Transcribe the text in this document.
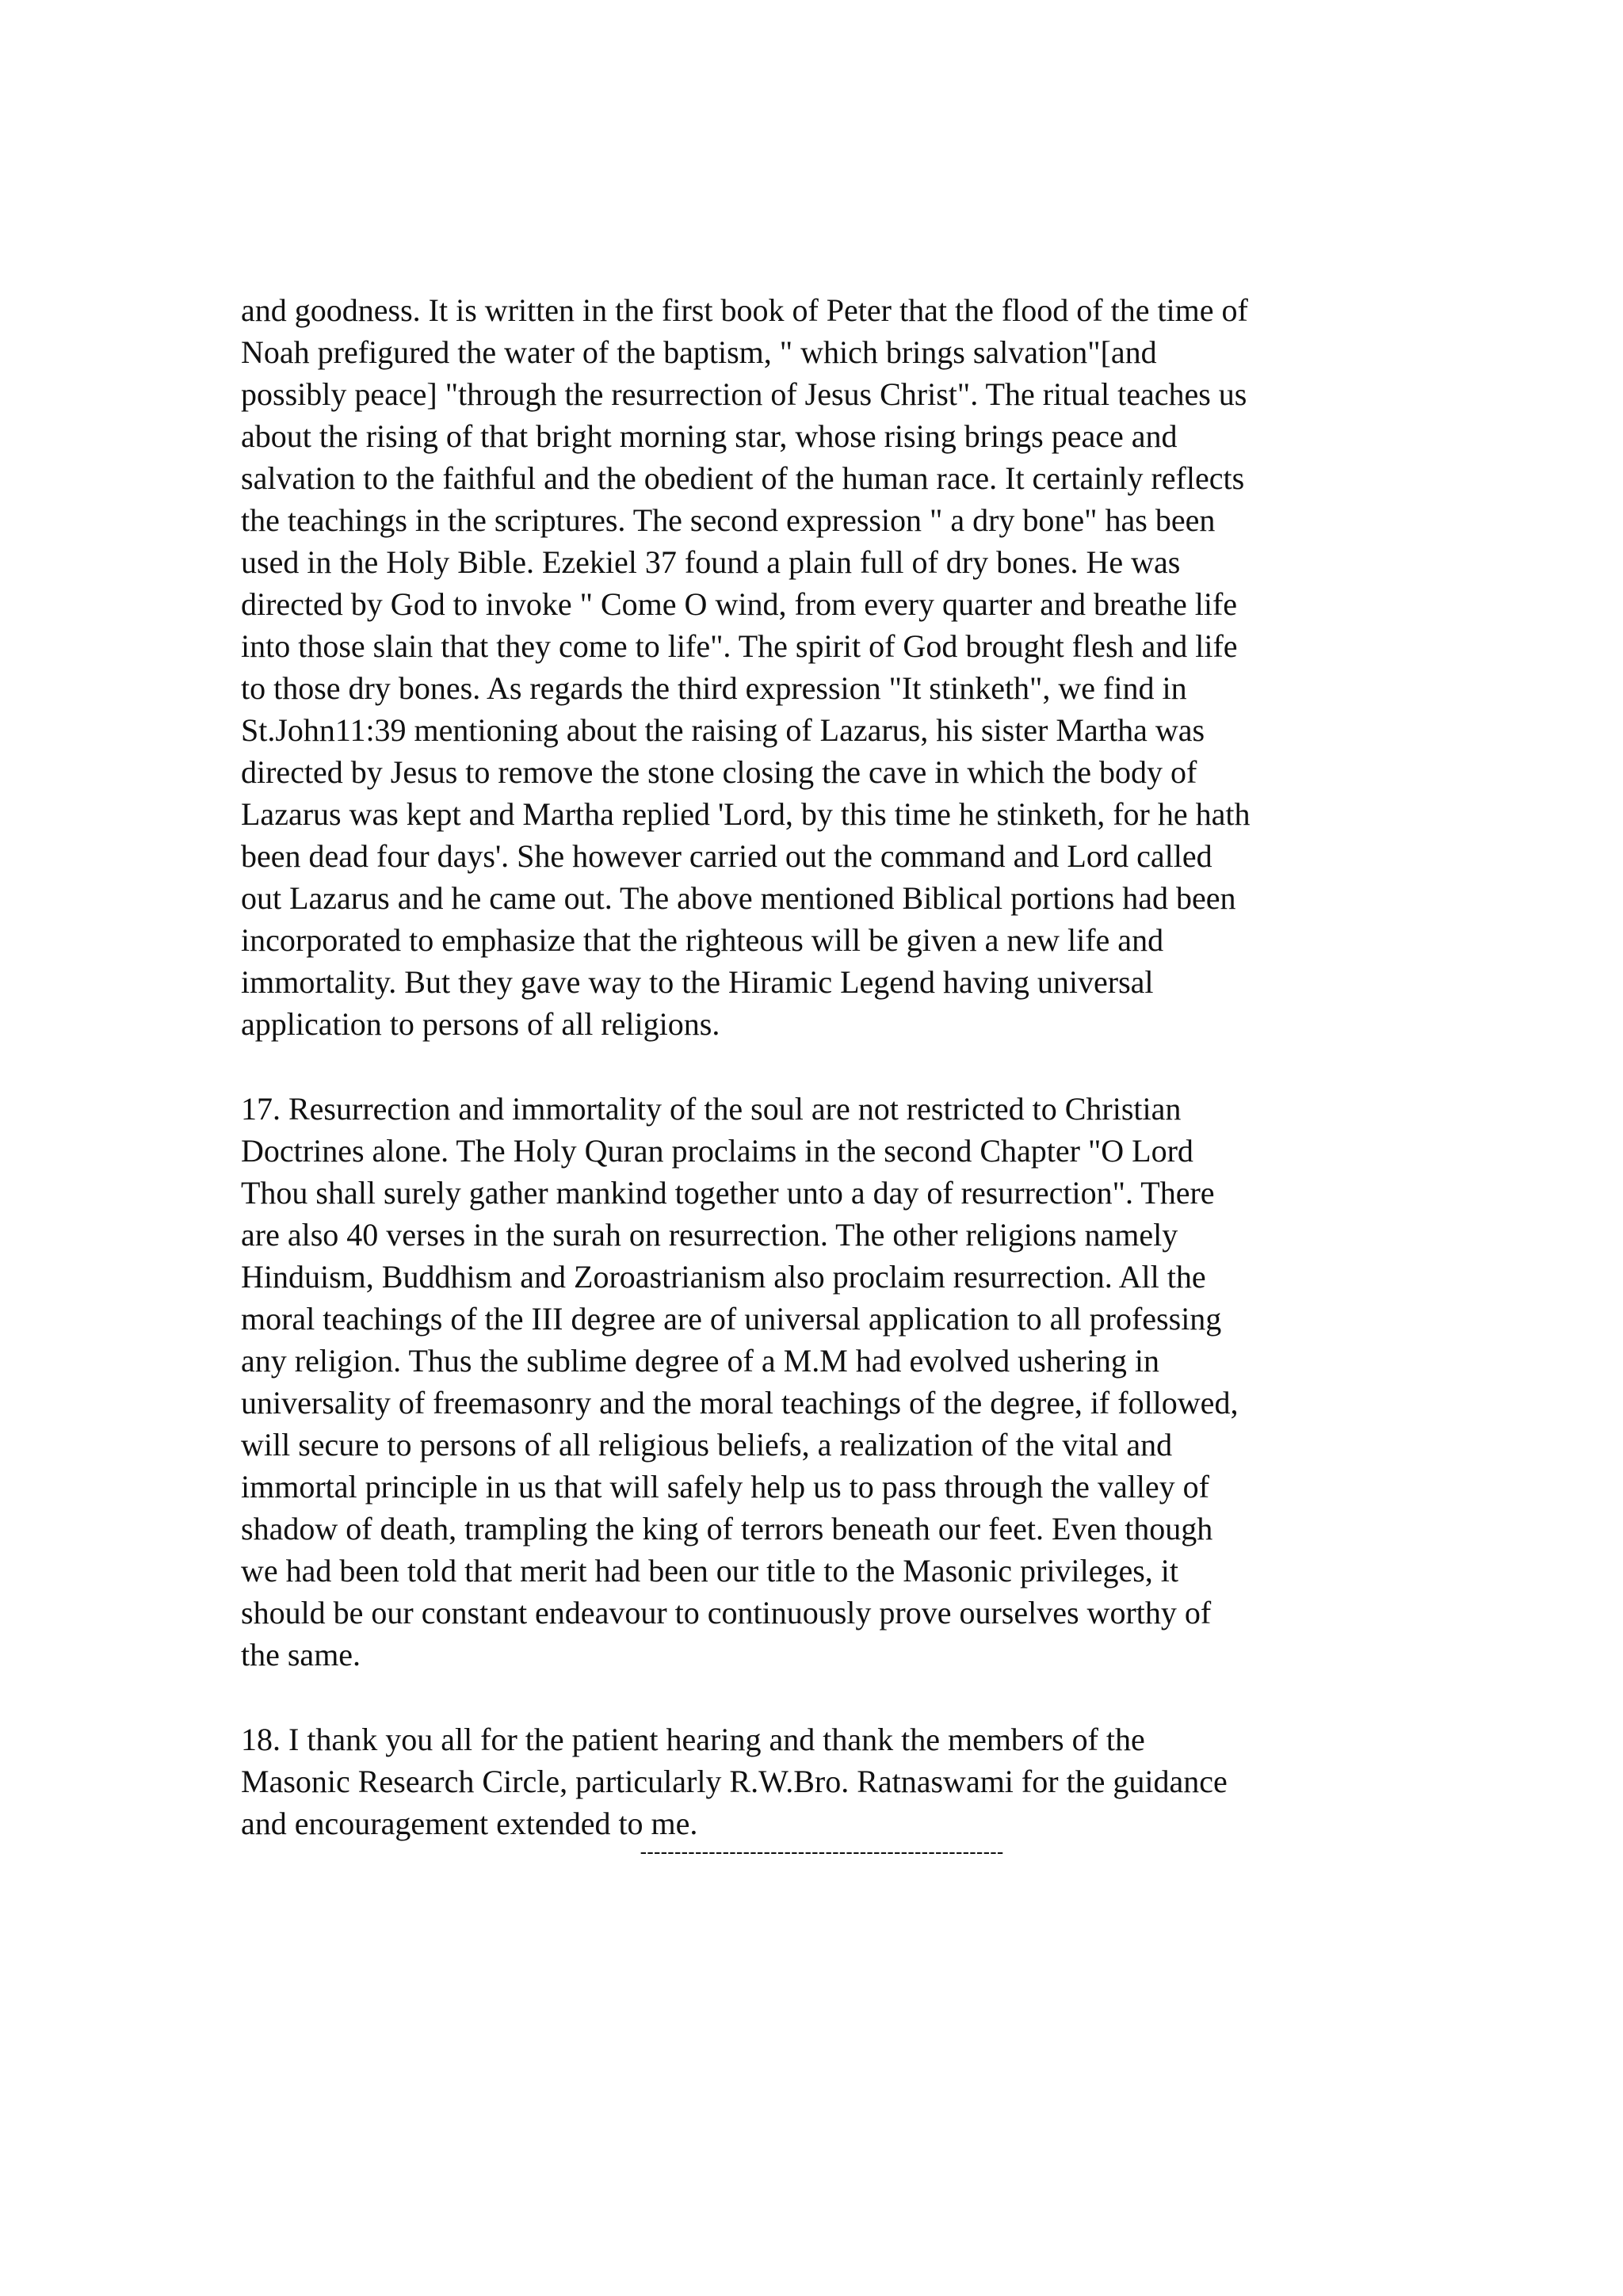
and goodness. It is written in the first book of Peter that the flood of the time of
Noah prefigured the water of the baptism, " which brings salvation"[and
possibly peace] "through the resurrection of Jesus Christ". The ritual teaches us
about the rising of that bright morning star, whose rising brings peace and
salvation to the faithful and the obedient of the human race. It certainly reflects
the teachings in the scriptures. The second expression " a dry bone" has been
used in the Holy Bible. Ezekiel 37 found a plain full of dry bones. He was
directed by God to invoke " Come O wind, from every quarter and breathe life
into those slain that they come to life". The spirit of God brought flesh and life
to those dry bones. As regards the third expression "It stinketh", we find in
St.John11:39 mentioning about the raising of Lazarus, his sister Martha was
directed by Jesus to remove the stone closing the cave in which the body of
Lazarus was kept and Martha replied 'Lord, by this time he stinketh, for he hath
been dead four days'. She however carried out the command and Lord called
out Lazarus and he came out. The above mentioned Biblical portions had been
incorporated to emphasize that the righteous will be given a new life and
immortality. But they gave way to the Hiramic Legend having universal
application to persons of all religions.

17. Resurrection and immortality of the soul are not restricted to Christian
Doctrines alone. The Holy Quran proclaims in the second Chapter "O Lord
Thou shall surely gather mankind together unto a day of resurrection". There
are also 40 verses in the surah on resurrection. The other religions namely
Hinduism, Buddhism and Zoroastrianism also proclaim resurrection. All the
moral teachings of the III degree are of universal application to all professing
any religion. Thus the sublime degree of a M.M had evolved ushering in
universality of freemasonry and the moral teachings of the degree, if followed,
will secure to persons of all religious beliefs, a realization of the vital and
immortal principle in us that will safely help us to pass through the valley of
shadow of death, trampling the king of terrors beneath our feet. Even though
we had been told that merit had been our title to the Masonic privileges, it
should be our constant endeavour to continuously prove ourselves worthy of
the same.

18. I thank you all for the patient hearing and thank the members of the
Masonic Research Circle, particularly R.W.Bro. Ratnaswami for the guidance
and encouragement extended to me.

-----------------------------------------------------
